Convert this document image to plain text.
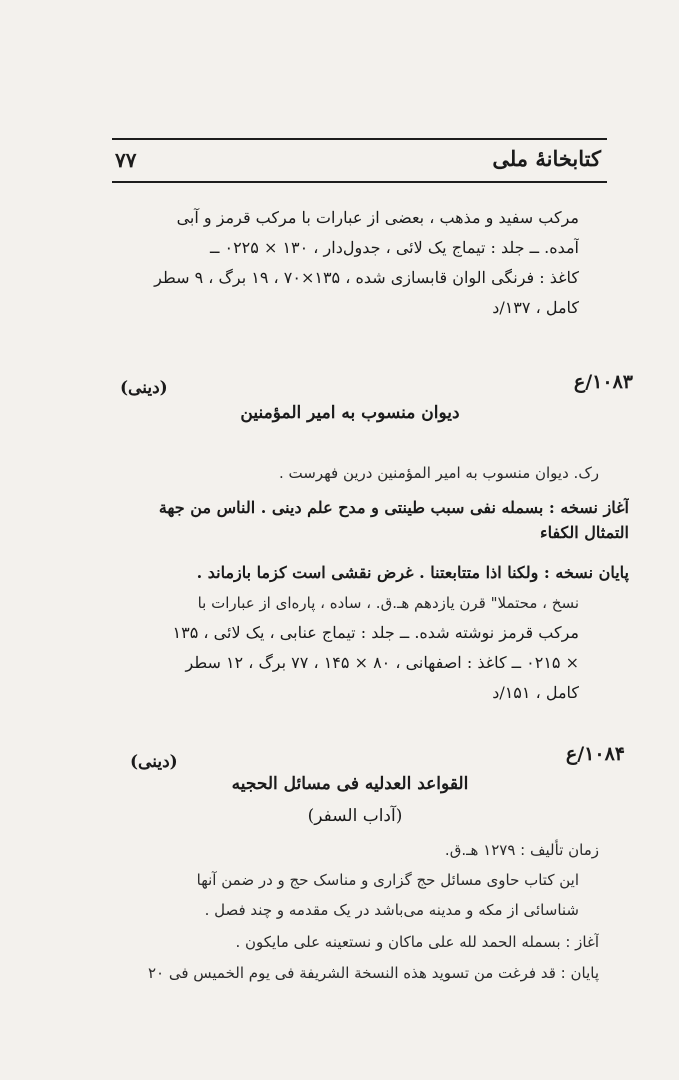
کتابخانهٔ ملی
۷۷
مرکب سفید و مذهب ، بعضی از عبارات با مرکب قرمز و آبی
آمده. ــ جلد : تیماج یک لائی ، جدول‌دار ، ۱۳۰ × ۰۲۲۵ ــ
کاغذ : فرنگی الوان قابسازی شده ، ۱۳۵×۷۰ ، ۱۹ برگ ، ۹ سطر
کامل ، ۱۳۷/د
۱۰۸۳/ع
(دینی)
دیوان منسوب به امیر المؤمنین
رک. دیوان منسوب به امیر المؤمنین درین فهرست .
آغاز نسخه : بسمله نفی سبب طینتی و مدح علم دینی . الناس من جهة
التمثال الکفاء
پایان نسخه : ولکنا اذا متتابعتنا . غرض نقشی است کزما بازماند .
نسخ ، محتملا" قرن یازدهم هـ.ق. ، ساده ، پاره‌ای از عبارات با
مرکب قرمز نوشته شده. ــ جلد : تیماج عنابی ، یک لائی ، ۱۳۵
× ۰۲۱۵ ــ کاغذ : اصفهانی ، ۸۰ × ۱۴۵ ، ۷۷ برگ ، ۱۲ سطر
کامل ، ۱۵۱/د
۱۰۸۴/ع
(دینی)
القواعد العدلیه فی مسائل الحجیه
(آداب السفر)
زمان تألیف : ۱۲۷۹ هـ.ق.
این کتاب حاوی مسائل حج گزاری و مناسک حج و در ضمن آنها
شناسائی از مکه و مدینه می‌باشد در یک مقدمه و چند فصل .
آغاز : بسمله الحمد لله علی ماکان و نستعینه علی مایکون .
پایان : قد فرغت من تسوید هذه النسخة الشریفة فی یوم الخمیس فی ۲۰
